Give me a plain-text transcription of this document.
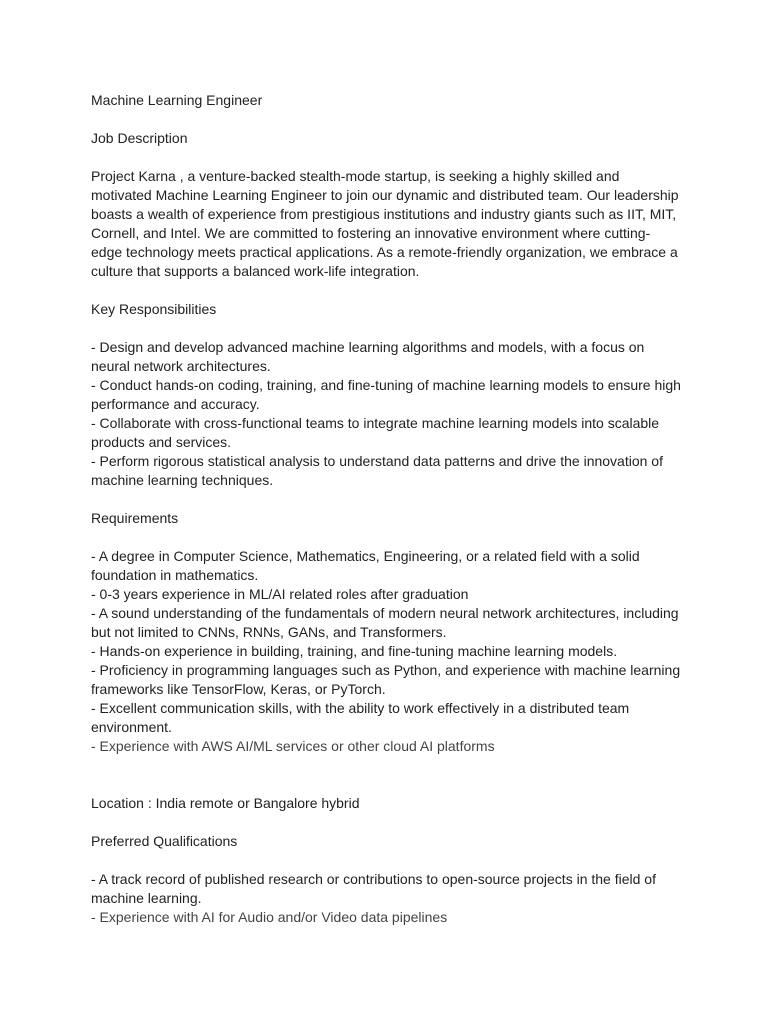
Machine Learning Engineer

Job Description

Project Karna , a venture-backed stealth-mode startup, is seeking a highly skilled and motivated Machine Learning Engineer to join our dynamic and distributed team. Our leadership boasts a wealth of experience from prestigious institutions and industry giants such as IIT, MIT, Cornell, and Intel. We are committed to fostering an innovative environment where cutting-edge technology meets practical applications. As a remote-friendly organization, we embrace a culture that supports a balanced work-life integration.

Key Responsibilities

- Design and develop advanced machine learning algorithms and models, with a focus on neural network architectures.
- Conduct hands-on coding, training, and fine-tuning of machine learning models to ensure high performance and accuracy.
- Collaborate with cross-functional teams to integrate machine learning models into scalable products and services.
- Perform rigorous statistical analysis to understand data patterns and drive the innovation of machine learning techniques.

Requirements

- A degree in Computer Science, Mathematics, Engineering, or a related field with a solid foundation in mathematics.
- 0-3 years experience in ML/AI related roles after graduation
- A sound understanding of the fundamentals of modern neural network architectures, including but not limited to CNNs, RNNs, GANs, and Transformers.
- Hands-on experience in building, training, and fine-tuning machine learning models.
- Proficiency in programming languages such as Python, and experience with machine learning frameworks like TensorFlow, Keras, or PyTorch.
- Excellent communication skills, with the ability to work effectively in a distributed team environment.
- Experience with AWS AI/ML services or other cloud AI platforms

Location : India remote or Bangalore hybrid

Preferred Qualifications

- A track record of published research or contributions to open-source projects in the field of machine learning.
- Experience with AI for Audio and/or Video data pipelines
